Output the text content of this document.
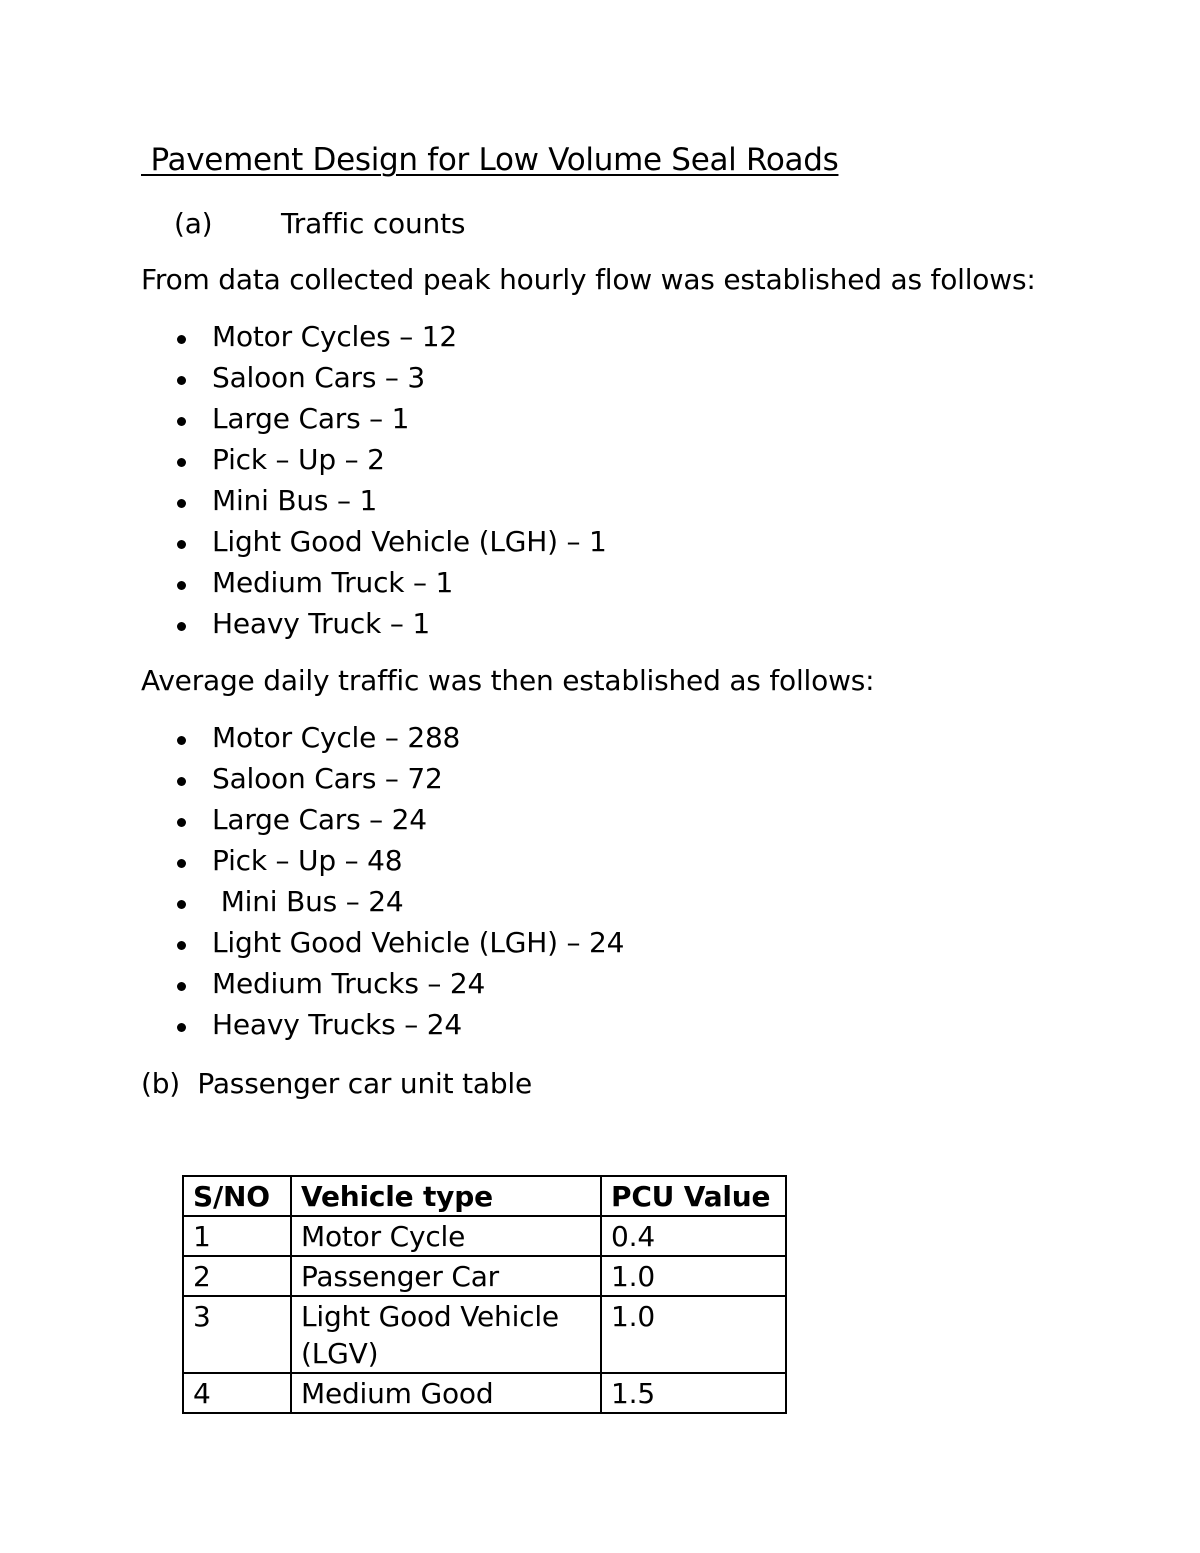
Pavement Design for Low Volume Seal Roads
(a) Traffic counts
From data collected peak hourly flow was established as follows:
Motor Cycles – 12
Saloon Cars – 3
Large Cars – 1
Pick – Up – 2
Mini Bus – 1
Light Good Vehicle (LGH) – 1
Medium Truck – 1
Heavy Truck – 1
Average daily traffic was then established as follows:
Motor Cycle – 288
Saloon Cars – 72
Large Cars – 24
Pick – Up – 48
Mini Bus – 24
Light Good Vehicle (LGH) – 24
Medium Trucks – 24
Heavy Trucks – 24
(b)  Passenger car unit table
S/NO	Vehicle type	PCU Value
1	Motor Cycle	0.4
2	Passenger Car	1.0
3	Light Good Vehicle (LGV)	1.0
4	Medium Good	1.5
